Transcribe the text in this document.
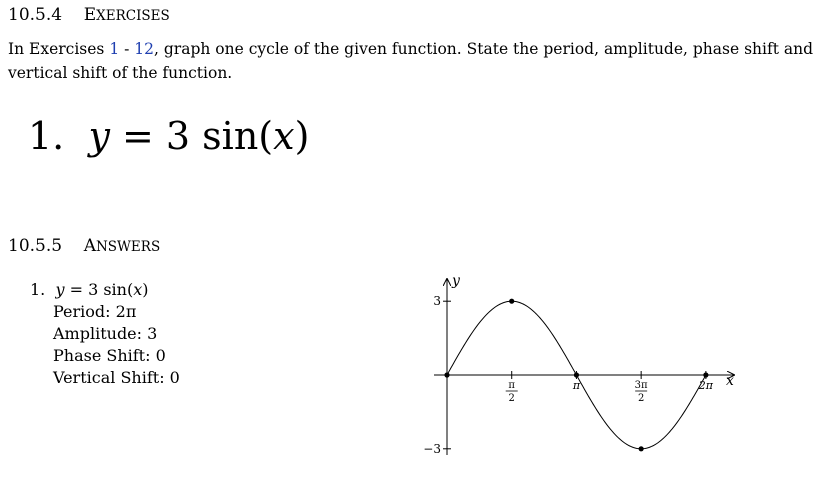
10.5.4 EXERCISES
In Exercises 1 - 12, graph one cycle of the given function. State the period, amplitude, phase shift and vertical shift of the function.
1. y = 3 sin(x)
10.5.5 ANSWERS
1. y = 3 sin(x)
Period: 2π
Amplitude: 3
Phase Shift: 0
Vertical Shift: 0
y
x
π
2
π	3π
2
2π
3
−3
